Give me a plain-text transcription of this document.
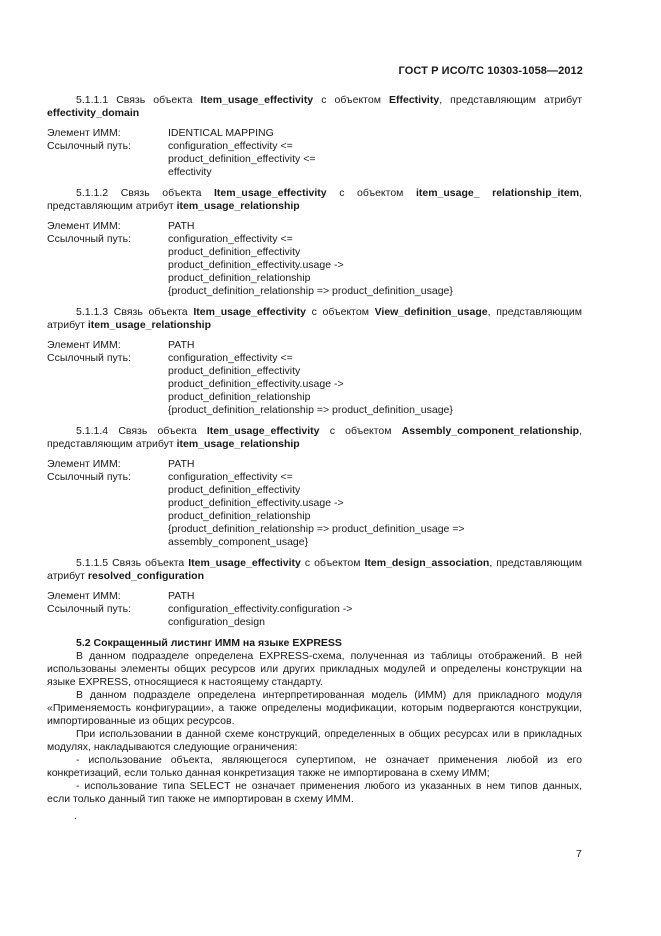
ГОСТ Р ИСО/ТС 10303-1058—2012

5.1.1.1 Связь объекта Item_usage_effectivity с объектом Effectivity, представляющим атрибут effectivity_domain

Элемент ИММ:	IDENTICAL MAPPING
Ссылочный путь:	configuration_effectivity <=
product_definition_effectivity <=
effectivity

5.1.1.2 Связь объекта Item_usage_effectivity с объектом item_usage_ relationship_item, представляющим атрибут item_usage_relationship

Элемент ИММ:	PATH
Ссылочный путь:	configuration_effectivity <=
product_definition_effectivity
product_definition_effectivity.usage ->
product_definition_relationship
{product_definition_relationship => product_definition_usage}

5.1.1.3 Связь объекта Item_usage_effectivity с объектом View_definition_usage, представляющим атрибут item_usage_relationship

Элемент ИММ:	PATH
Ссылочный путь:	configuration_effectivity <=
product_definition_effectivity
product_definition_effectivity.usage ->
product_definition_relationship
{product_definition_relationship => product_definition_usage}

5.1.1.4 Связь объекта Item_usage_effectivity с объектом Assembly_component_relationship, представляющим атрибут item_usage_relationship

Элемент ИММ:	PATH
Ссылочный путь:	configuration_effectivity <=
product_definition_effectivity
product_definition_effectivity.usage ->
product_definition_relationship
{product_definition_relationship => product_definition_usage =>
assembly_component_usage}

5.1.1.5 Связь объекта Item_usage_effectivity с объектом Item_design_association, представляющим атрибут resolved_configuration

Элемент ИММ:	PATH
Ссылочный путь:	configuration_effectivity.configuration ->
configuration_design
5.2 Сокращенный листинг ИММ на языке EXPRESS

В данном подразделе определена EXPRESS-схема, полученная из таблицы отображений. В ней использованы элементы общих ресурсов или других прикладных модулей и определены конструкции на языке EXPRESS, относящиеся к настоящему стандарту.

В данном подразделе определена интерпретированная модель (ИММ) для прикладного модуля «Применяемость конфигурации», а также определены модификации, которым подвергаются конструкции, импортированные из общих ресурсов.

При использовании в данной схеме конструкций, определенных в общих ресурсах или в прикладных модулях, накладываются следующие ограничения:

- использование объекта, являющегося супертипом, не означает применения любой из его конкретизаций, если только данная конкретизация также не импортирована в схему ИММ;

- использование типа SELECT не означает применения любого из указанных в нем типов данных, если только данный тип также не импортирован в схему ИММ.

.
7
